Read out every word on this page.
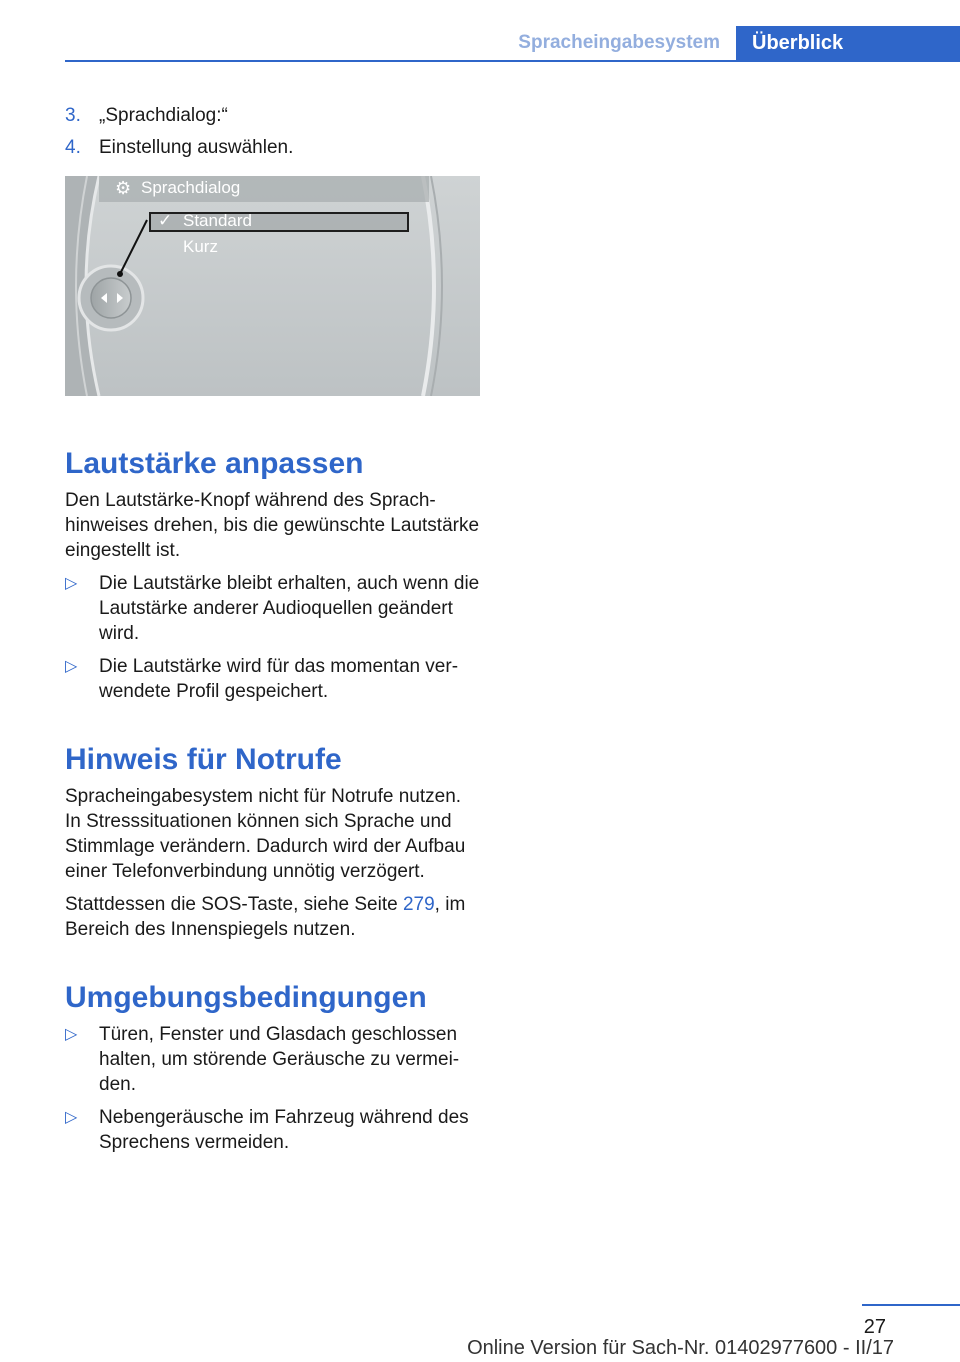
Spracheingabesystem	Überblick
3. „Sprachdialog:“
4. Einstellung auswählen.
⚙ Sprachdialog
✓ Standard
Kurz
Lautstärke anpassen

Den Lautstärke-Knopf während des Sprachhinweises drehen, bis die gewünschte Lautstärke eingestellt ist.

▷ Die Lautstärke bleibt erhalten, auch wenn die Lautstärke anderer Audioquellen geändert wird.
▷ Die Lautstärke wird für das momentan verwendete Profil gespeichert.
Hinweis für Notrufe

Spracheingabesystem nicht für Notrufe nutzen. In Stresssituationen können sich Sprache und Stimmlage verändern. Dadurch wird der Aufbau einer Telefonverbindung unnötig verzögert.

Stattdessen die SOS-Taste, siehe Seite 279, im Bereich des Innenspiegels nutzen.

Umgebungsbedingungen
▷ Türen, Fenster und Glasdach geschlossen halten, um störende Geräusche zu vermeiden.
▷ Nebengeräusche im Fahrzeug während des Sprechens vermeiden.
27
Online Version für Sach-Nr. 01402977600 - II/17
